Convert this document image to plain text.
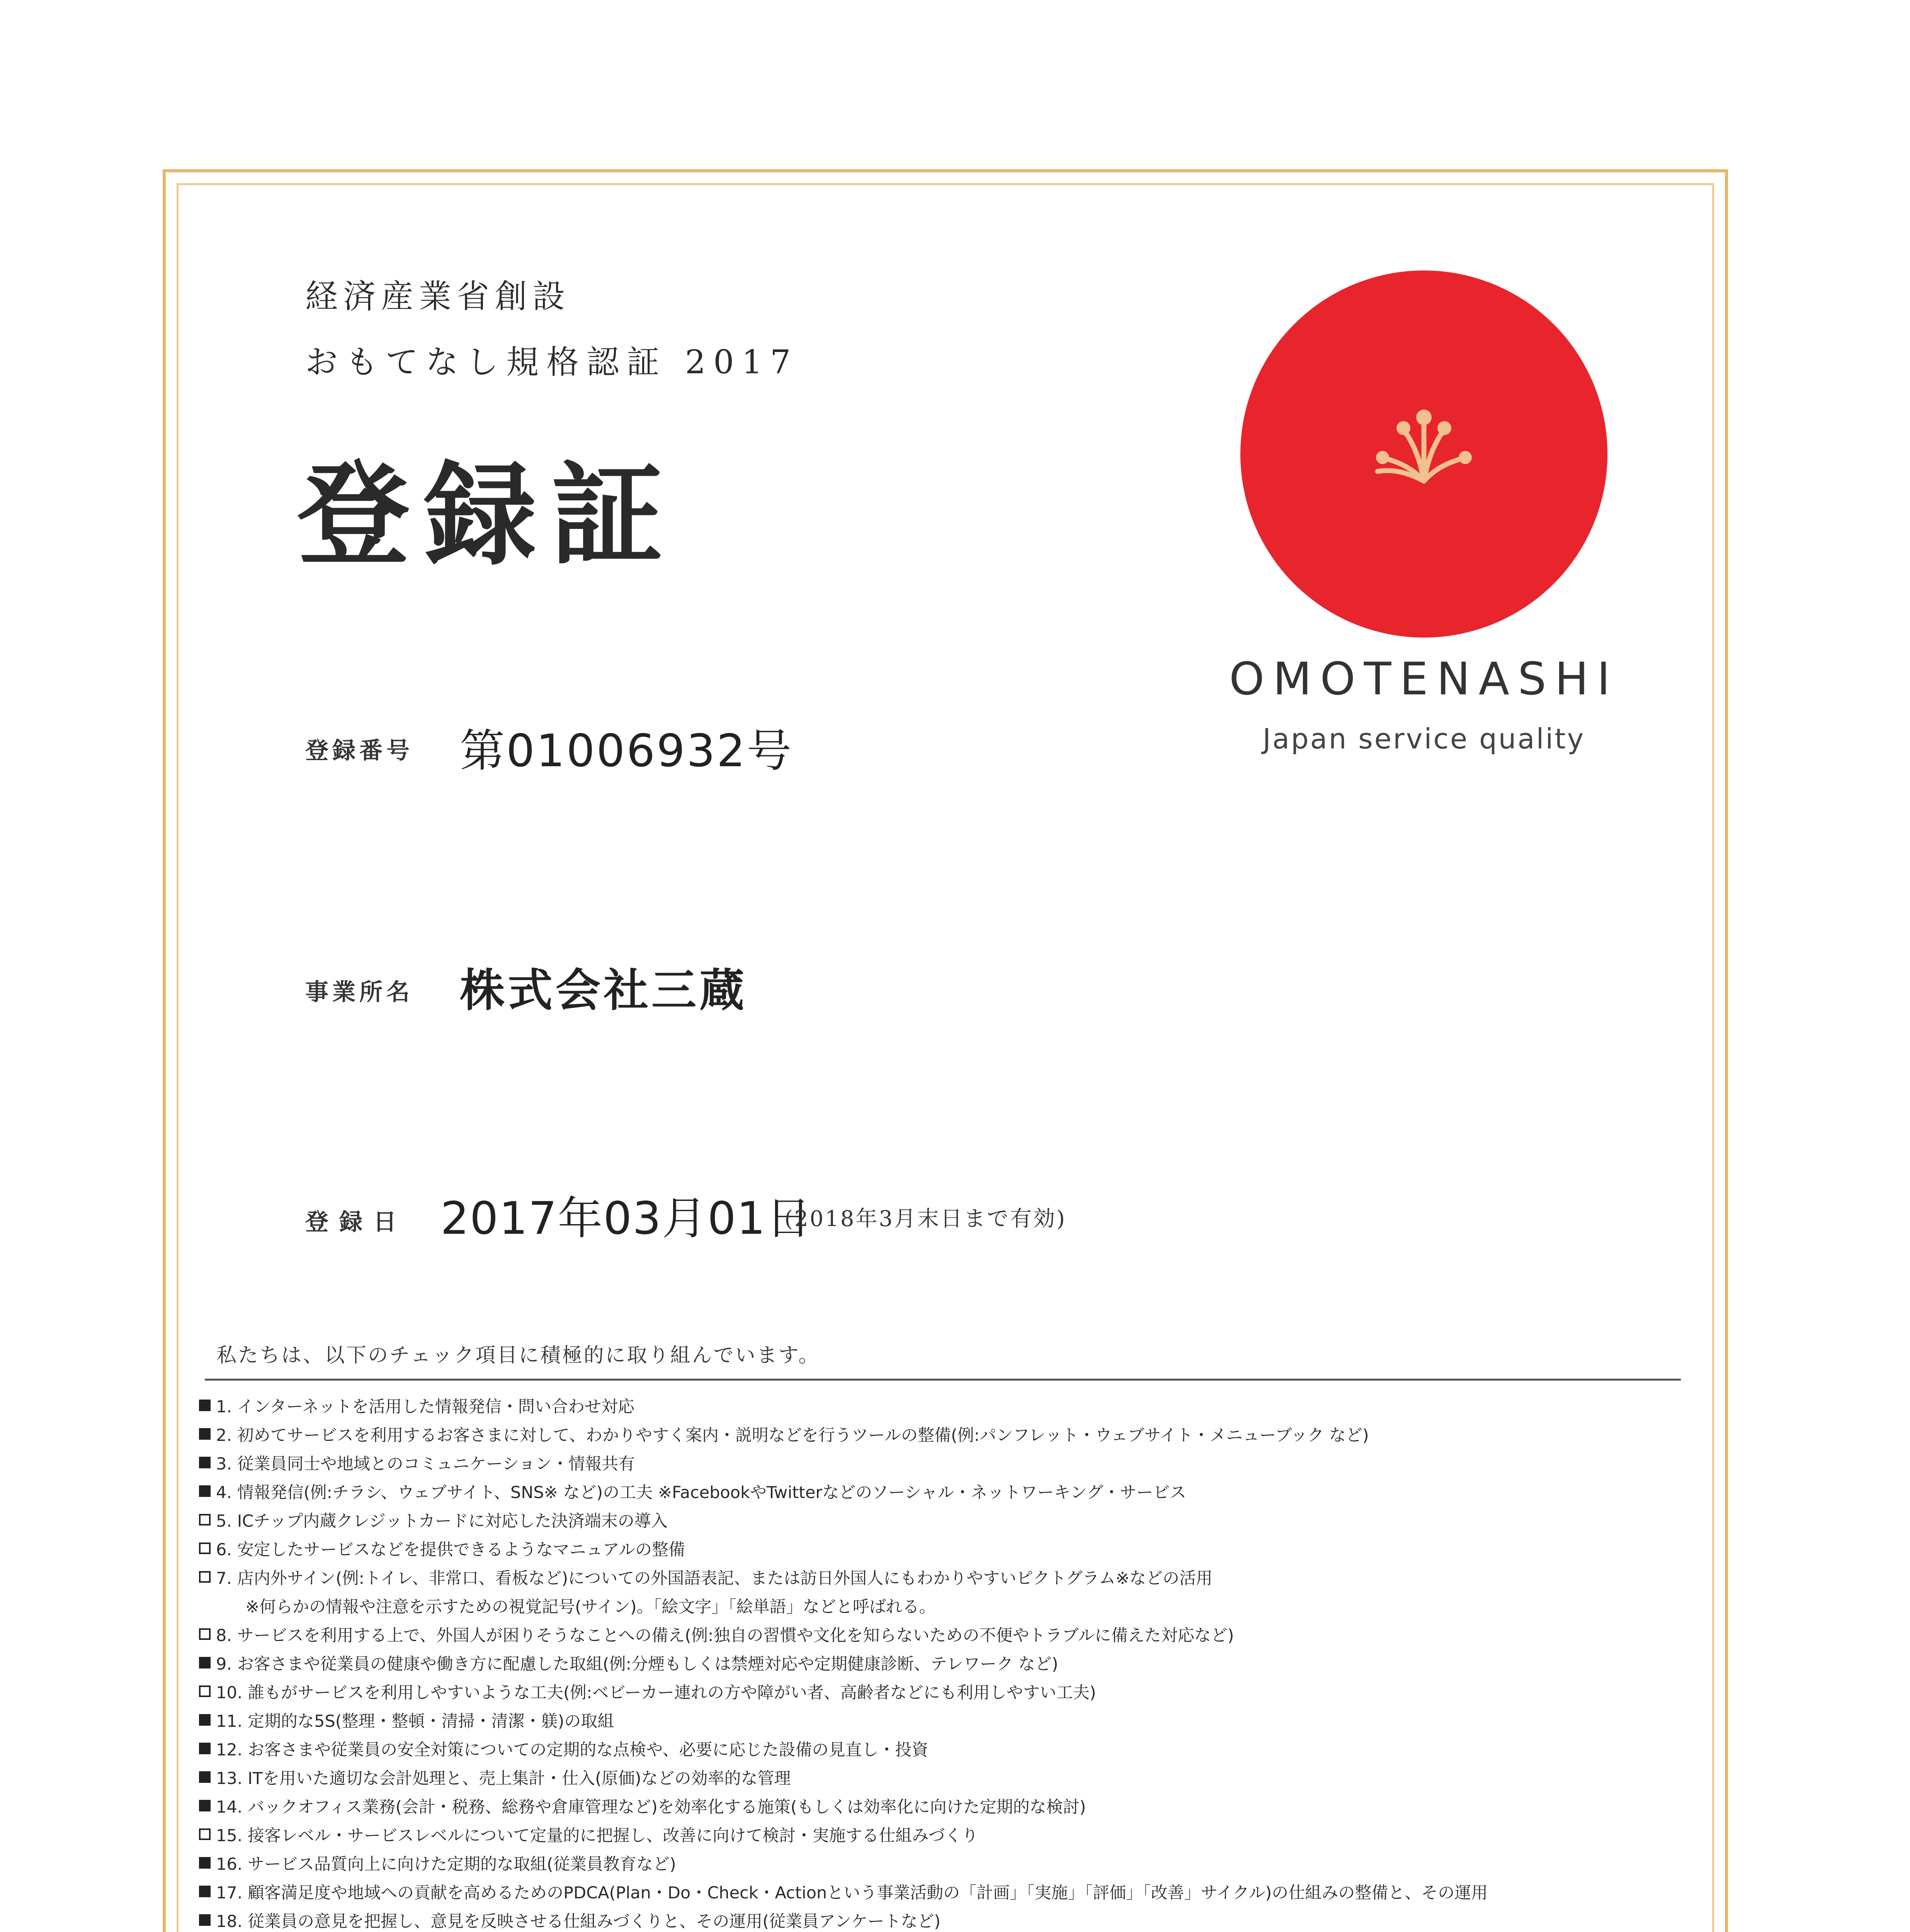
経済産業省創設
おもてなし規格認証 2017
登録証
OMOTENASHI
Japan service quality
登録番号 第01006932号
事業所名 株式会社三蔵
登録日 2017年03月01日
(2018年3月末日まで有効)
私たちは、以下のチェック項目に積極的に取り組んでいます。
1. インターネットを活用した情報発信・問い合わせ対応
2. 初めてサービスを利用するお客さまに対して、わかりやすく案内・説明などを行うツールの整備(例:パンフレット・ウェブサイト・メニューブック など)
3. 従業員同士や地域とのコミュニケーション・情報共有
4. 情報発信(例:チラシ、ウェブサイト、SNS※ など)の工夫 ※FacebookやTwitterなどのソーシャル・ネットワーキング・サービス
5. ICチップ内蔵クレジットカードに対応した決済端末の導入
6. 安定したサービスなどを提供できるようなマニュアルの整備
7. 店内外サイン(例:トイレ、非常口、看板など)についての外国語表記、または訪日外国人にもわかりやすいピクトグラム※などの活用
※何らかの情報や注意を示すための視覚記号(サイン)。「絵文字」「絵単語」などと呼ばれる。
8. サービスを利用する上で、外国人が困りそうなことへの備え(例:独自の習慣や文化を知らないための不便やトラブルに備えた対応など)
9. お客さまや従業員の健康や働き方に配慮した取組(例:分煙もしくは禁煙対応や定期健康診断、テレワーク など)
10. 誰もがサービスを利用しやすいような工夫(例:ベビーカー連れの方や障がい者、高齢者などにも利用しやすい工夫)
11. 定期的な5S(整理・整頓・清掃・清潔・躾)の取組
12. お客さまや従業員の安全対策についての定期的な点検や、必要に応じた設備の見直し・投資
13. ITを用いた適切な会計処理と、売上集計・仕入(原価)などの効率的な管理
14. バックオフィス業務(会計・税務、総務や倉庫管理など)を効率化する施策(もしくは効率化に向けた定期的な検討)
15. 接客レベル・サービスレベルについて定量的に把握し、改善に向けて検討・実施する仕組みづくり
16. サービス品質向上に向けた定期的な取組(従業員教育など)
17. 顧客満足度や地域への貢献を高めるためのPDCA(Plan・Do・Check・Actionという事業活動の「計画」「実施」「評価」「改善」サイクル)の仕組みの整備と、その運用
18. 従業員の意見を把握し、意見を反映させる仕組みづくりと、その運用(従業員アンケートなど)
